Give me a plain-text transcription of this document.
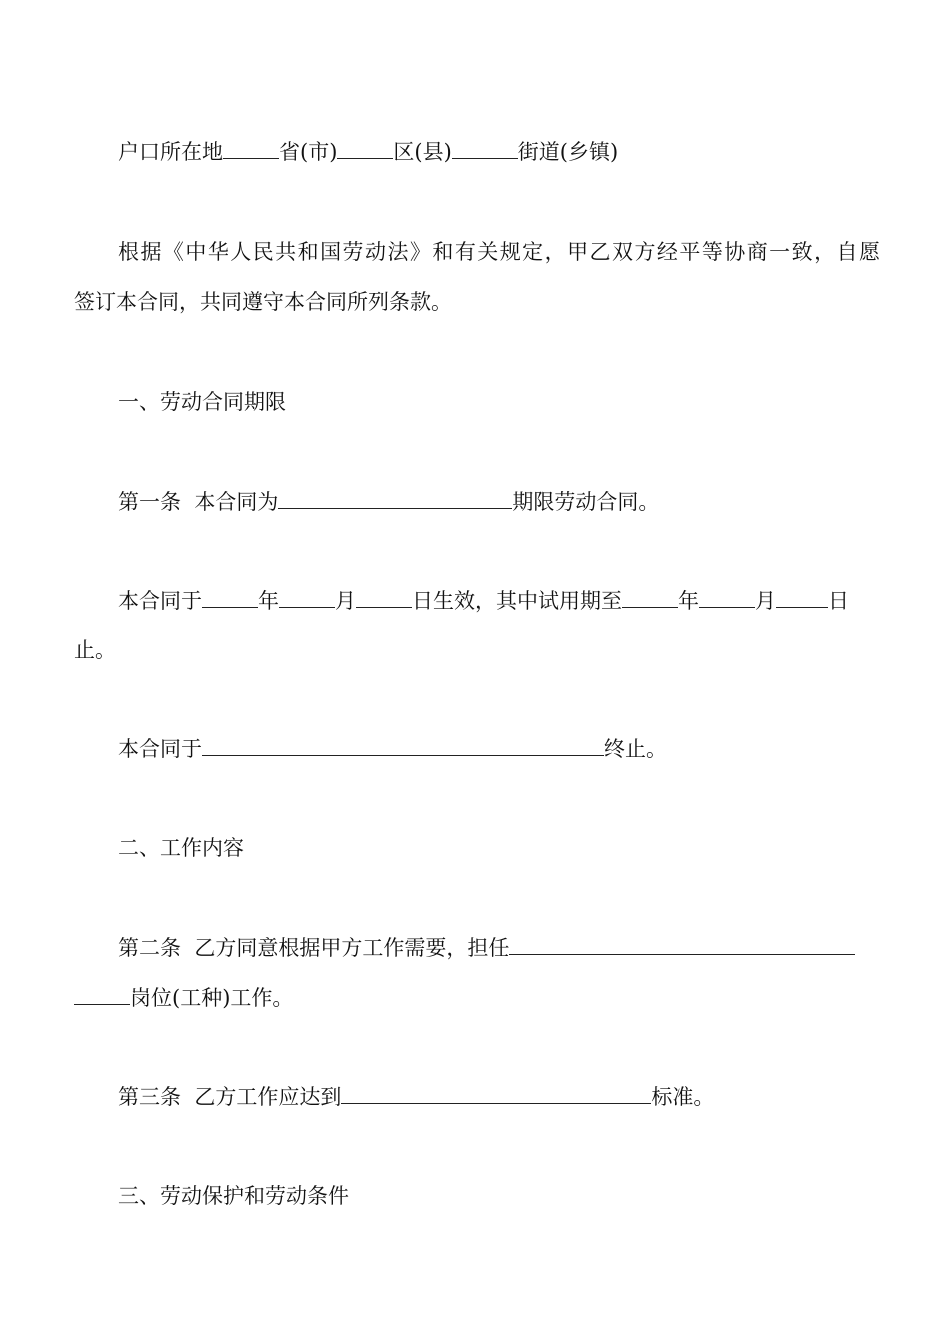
户口所在地	省(市)	区(县)	街道(乡镇)
根据《中华人民共和国劳动法》和有关规定，甲乙双方经平等协商一致，自愿
签订本合同，共同遵守本合同所列条款。
一、劳动合同期限
第一条  本合同为	期限劳动合同。
本合同于	年	月	日生效，其中试用期至	年	月 日
止。
本合同于	终止。
二、工作内容
第二条  乙方同意根据甲方工作需要，担任
岗位(工种)工作。
第三条  乙方工作应达到	标准。
三、劳动保护和劳动条件
